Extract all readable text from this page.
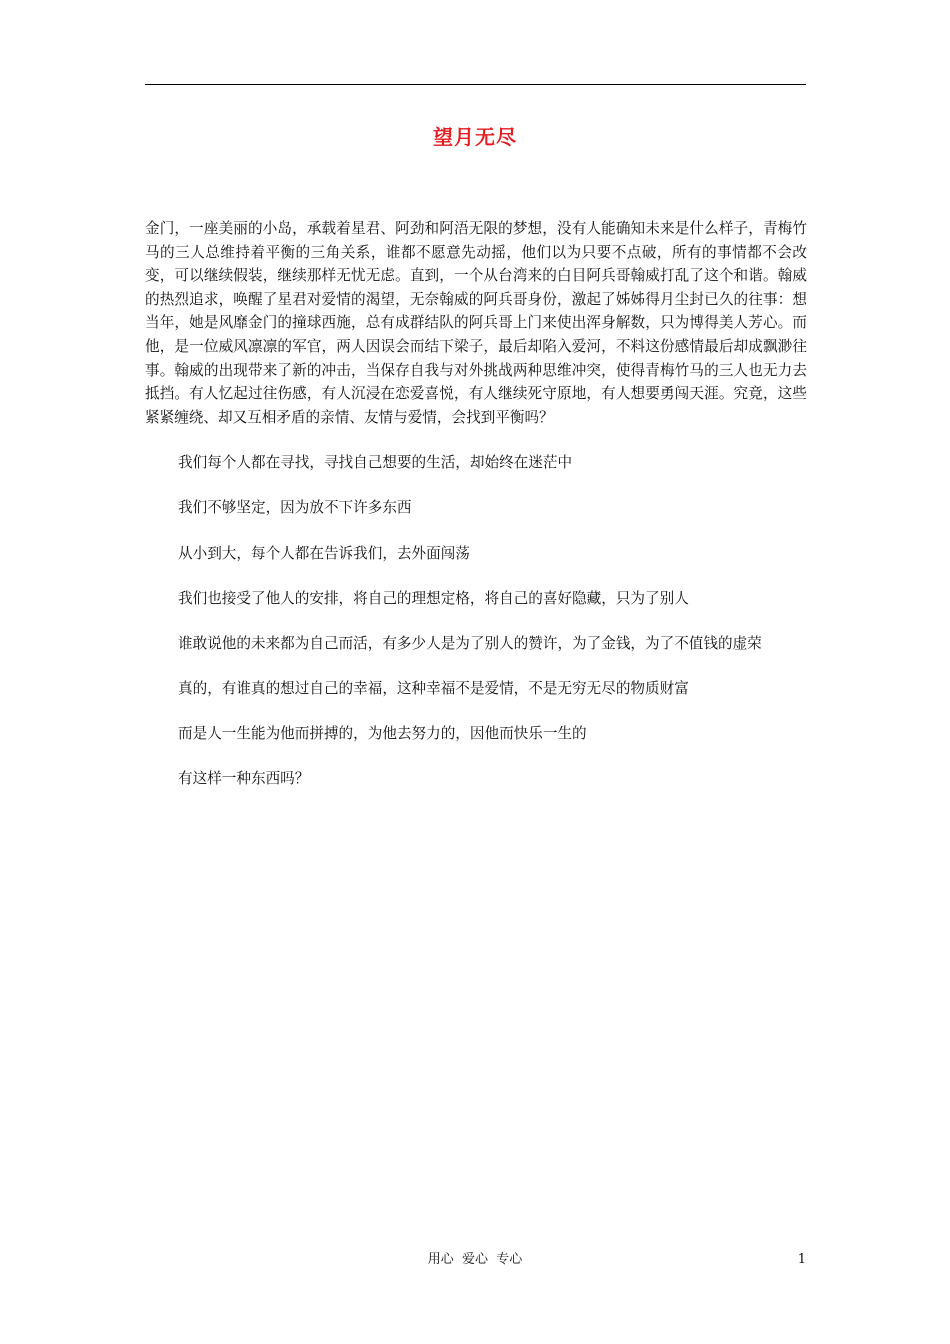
望月无尽

金门，一座美丽的小岛，承载着星君、阿劲和阿浯无限的梦想，没有人能确知未来是什么样子，青梅竹马的三人总维持着平衡的三角关系，谁都不愿意先动摇，他们以为只要不点破，所有的事情都不会改变，可以继续假装，继续那样无忧无虑。直到，一个从台湾来的白目阿兵哥翰威打乱了这个和谐。翰威的热烈追求，唤醒了星君对爱情的渴望，无奈翰威的阿兵哥身份，激起了姊姊得月尘封已久的往事：想当年，她是风靡金门的撞球西施，总有成群结队的阿兵哥上门来使出浑身解数，只为博得美人芳心。而他，是一位威风凛凛的军官，两人因误会而结下梁子，最后却陷入爱河，不料这份感情最后却成飘渺往事。翰威的出现带来了新的冲击，当保存自我与对外挑战两种思维冲突，使得青梅竹马的三人也无力去抵挡。有人忆起过往伤感，有人沉浸在恋爱喜悦，有人继续死守原地，有人想要勇闯天涯。究竟，这些紧紧缠绕、却又互相矛盾的亲情、友情与爱情，会找到平衡吗？

我们每个人都在寻找，寻找自己想要的生活，却始终在迷茫中

我们不够坚定，因为放不下许多东西

从小到大，每个人都在告诉我们，去外面闯荡

我们也接受了他人的安排，将自己的理想定格，将自己的喜好隐藏，只为了别人

谁敢说他的未来都为自己而活，有多少人是为了别人的赞许，为了金钱，为了不值钱的虚荣

真的，有谁真的想过自己的幸福，这种幸福不是爱情，不是无穷无尽的物质财富

而是人一生能为他而拼搏的，为他去努力的，因他而快乐一生的

有这样一种东西吗？

用心  爱心  专心	1
